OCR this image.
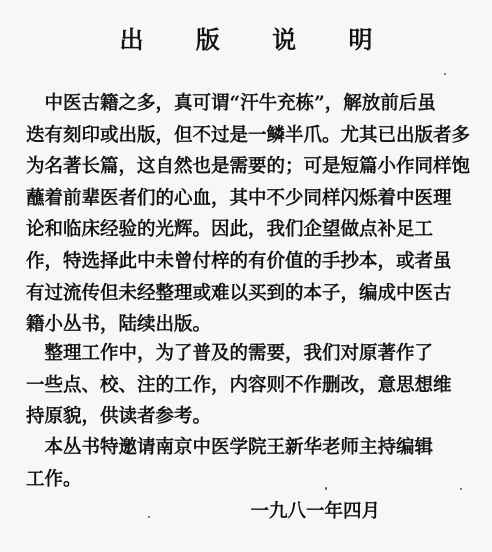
出 版 说 明

　中医古籍之多，真可谓“汗牛充栋”，解放前后虽
迭有刻印或出版，但不过是一鳞半爪。尤其已出版者多
为名著长篇，这自然也是需要的；可是短篇小作同样饱
蘸着前辈医者们的心血，其中不少同样闪烁着中医理
论和临床经验的光辉。因此，我们企望做点补足工
作，特选择此中未曾付梓的有价值的手抄本，或者虽
有过流传但未经整理或难以买到的本子，编成中医古
籍小丛书，陆续出版。

　整理工作中，为了普及的需要，我们对原著作了
一些点、校、注的工作，内容则不作删改，意思想维
持原貌，供读者参考。

　本丛书特邀请南京中医学院王新华老师主持编辑
工作。

一九八一年四月
